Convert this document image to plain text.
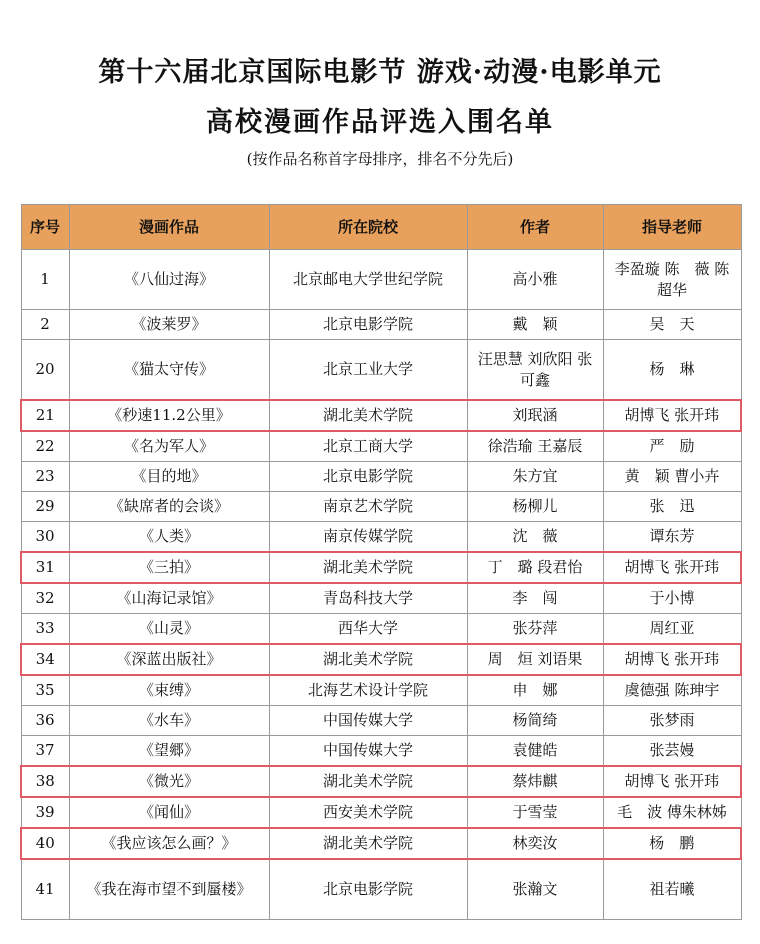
第十六届北京国际电影节 游戏·动漫·电影单元
高校漫画作品评选入围名单
(按作品名称首字母排序，排名不分先后)
序号	漫画作品	所在院校	作者	指导老师
1	《八仙过海》	北京邮电大学世纪学院	高小雅	李盈璇 陈　薇 陈超华
2	《波莱罗》	北京电影学院	戴　颖	吴　天
20	《猫太守传》	北京工业大学	汪思慧 刘欣阳 张可鑫	杨　琳
21	《秒速11.2公里》	湖北美术学院	刘珉涵	胡博飞 张开玮
22	《名为军人》	北京工商大学	徐浩瑜 王嘉辰	严　励
23	《目的地》	北京电影学院	朱方宜	黄　颖 曹小卉
29	《缺席者的会谈》	南京艺术学院	杨柳儿	张　迅
30	《人类》	南京传媒学院	沈　薇	谭东芳
31	《三拍》	湖北美术学院	丁　璐 段君怡	胡博飞 张开玮
32	《山海记录馆》	青岛科技大学	李　闯	于小博
33	《山灵》	西华大学	张芬萍	周红亚
34	《深蓝出版社》	湖北美术学院	周　烜 刘语果	胡博飞 张开玮
35	《束缚》	北海艺术设计学院	申　娜	虞德强 陈珅宇
36	《水车》	中国传媒大学	杨简绮	张梦雨
37	《望郷》	中国传媒大学	袁健皓	张芸嫚
38	《微光》	湖北美术学院	蔡炜麒	胡博飞 张开玮
39	《闻仙》	西安美术学院	于雪莹	毛　波 傅朱林姊
40	《我应该怎么画？》	湖北美术学院	林奕汝	杨　鹏
41	《我在海市望不到蜃楼》	北京电影学院	张瀚文	祖若曦
